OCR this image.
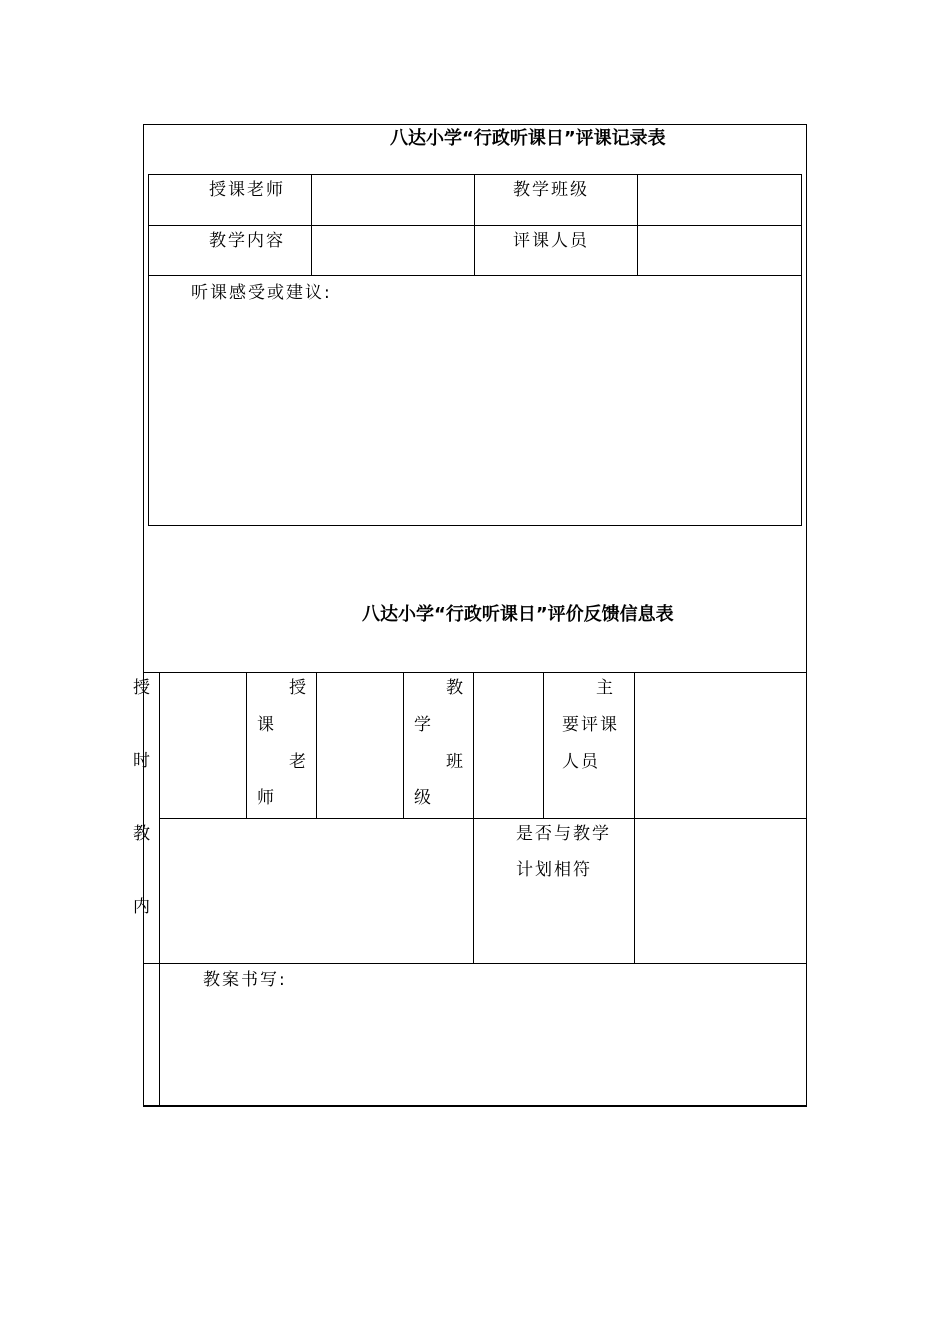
八达小学“行政听课日”评课记录表
授课老师	教学班级
教学内容	评课人员
听课感受或建议:
八达小学“行政听课日”评价反馈信息表
授
时
教
内
授
课
老
师
教
学
班
级
主
要评课
人员
是否与教学
计划相符
教案书写:
